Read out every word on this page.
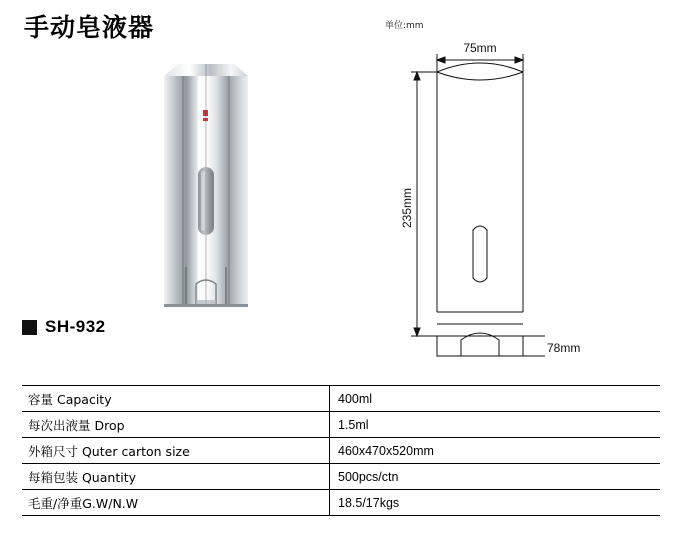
手动皂液器	单位:mm
75mm
235mm
78mm
SH-932
容量 Capacity	400ml
每次出液量 Drop	1.5ml
外箱尺寸 Quter carton size	460x470x520mm
每箱包装 Quantity	500pcs/ctn
毛重/净重G.W/N.W	18.5/17kgs
